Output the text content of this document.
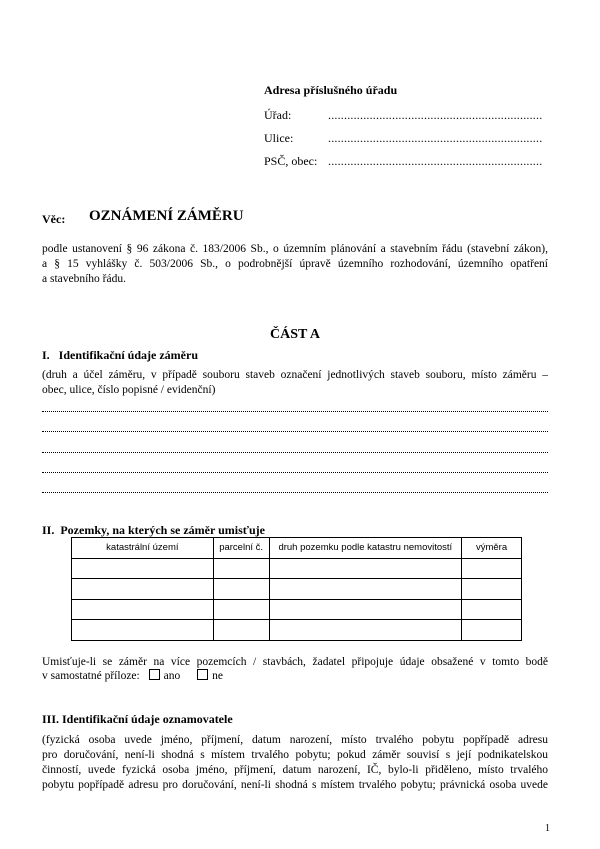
Adresa příslušného úřadu
Úřad:	...................................................................
Ulice:	...................................................................
PSČ, obec: ...................................................................
Věc: OZNÁMENÍ ZÁMĚRU
podle ustanovení § 96 zákona č. 183/2006 Sb., o územním plánování a stavebním řádu (stavební zákon),
a § 15 vyhlášky č. 503/2006 Sb., o podrobnější úpravě územního rozhodování, územního opatření
a stavebního řádu.
ČÁST A
I.   Identifikační údaje záměru
(druh a účel záměru, v případě souboru staveb označení jednotlivých staveb souboru, místo záměru –
obec, ulice, číslo popisné / evidenční)
II.  Pozemky, na kterých se záměr umisťuje
katastrální území	parcelní č.	druh pozemku podle katastru nemovitostí	výměra

Umisťuje-li se záměr na více pozemcích / stavbách, žadatel připojuje údaje obsažené v tomto bodě
v samostatné příloze: ano	ne
III. Identifikační údaje oznamovatele
(fyzická osoba uvede jméno, příjmení, datum narození, místo trvalého pobytu popřípadě adresu
pro doručování, není-li shodná s místem trvalého pobytu; pokud záměr souvisí s její podnikatelskou
činností, uvede fyzická osoba jméno, příjmení, datum narození, IČ, bylo-li přiděleno, místo trvalého
pobytu popřípadě adresu pro doručování, není-li shodná s místem trvalého pobytu; právnická osoba uvede
1
